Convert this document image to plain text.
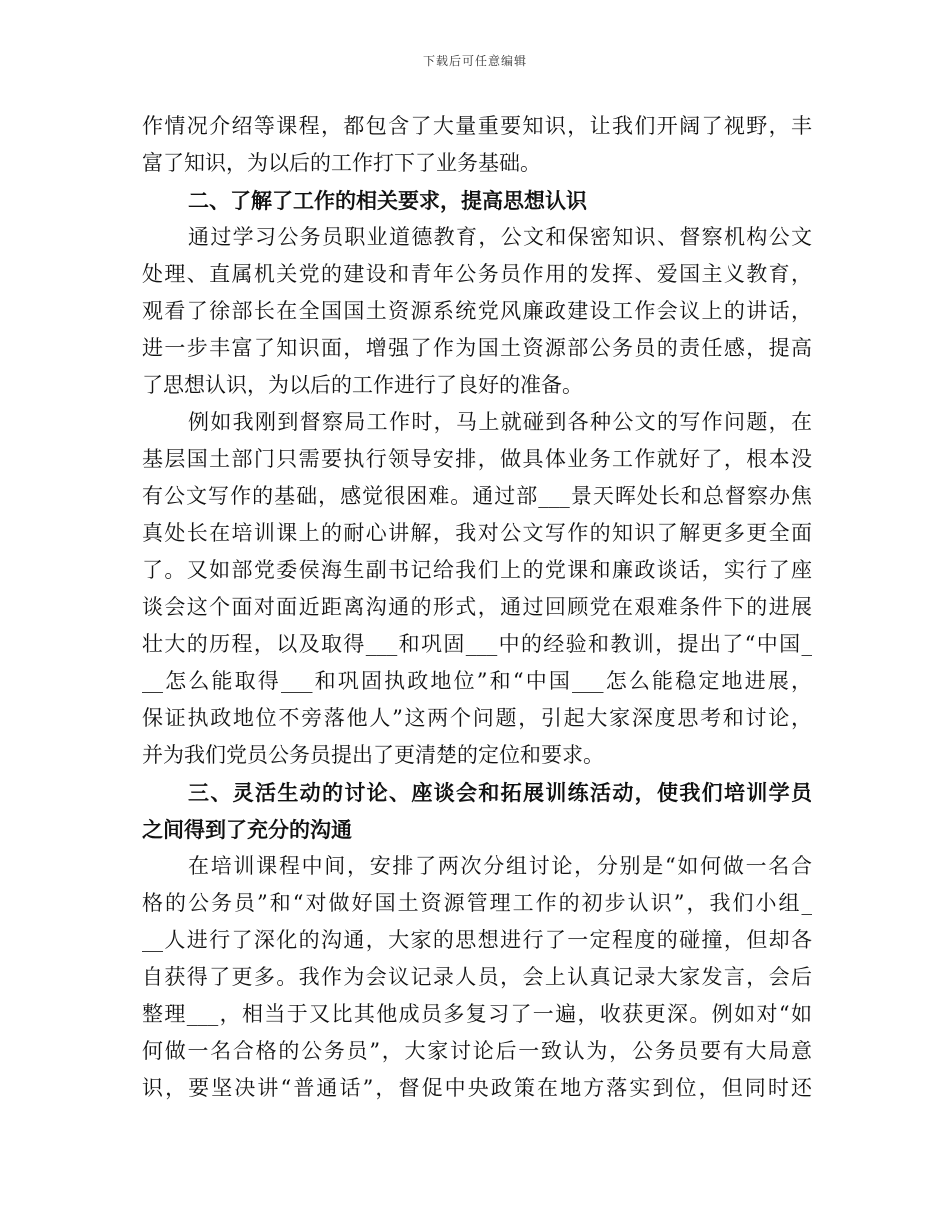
下载后可任意编辑
作情况介绍等课程，都包含了大量重要知识，让我们开阔了视野，丰
富了知识，为以后的工作打下了业务基础。
二、了解了工作的相关要求，提高思想认识
通过学习公务员职业道德教育，公文和保密知识、督察机构公文
处理、直属机关党的建设和青年公务员作用的发挥、爱国主义教育，
观看了徐部长在全国国土资源系统党风廉政建设工作会议上的讲话，
进一步丰富了知识面，增强了作为国土资源部公务员的责任感，提高
了思想认识，为以后的工作进行了良好的准备。
例如我刚到督察局工作时，马上就碰到各种公文的写作问题，在
基层国土部门只需要执行领导安排，做具体业务工作就好了，根本没
有公文写作的基础，感觉很困难。通过部___景天晖处长和总督察办焦
真处长在培训课上的耐心讲解，我对公文写作的知识了解更多更全面
了。又如部党委侯海生副书记给我们上的党课和廉政谈话，实行了座
谈会这个面对面近距离沟通的形式，通过回顾党在艰难条件下的进展
壮大的历程，以及取得___和巩固___中的经验和教训，提出了“中国_
__怎么能取得___和巩固执政地位”和“中国___怎么能稳定地进展，
保证执政地位不旁落他人”这两个问题，引起大家深度思考和讨论，
并为我们党员公务员提出了更清楚的定位和要求。
三、灵活生动的讨论、座谈会和拓展训练活动，使我们培训学员
之间得到了充分的沟通
在培训课程中间，安排了两次分组讨论，分别是“如何做一名合
格的公务员”和“对做好国土资源管理工作的初步认识”，我们小组_
__人进行了深化的沟通，大家的思想进行了一定程度的碰撞，但却各
自获得了更多。我作为会议记录人员，会上认真记录大家发言，会后
整理___，相当于又比其他成员多复习了一遍，收获更深。例如对“如
何做一名合格的公务员”，大家讨论后一致认为，公务员要有大局意
识，要坚决讲“普通话”，督促中央政策在地方落实到位，但同时还
